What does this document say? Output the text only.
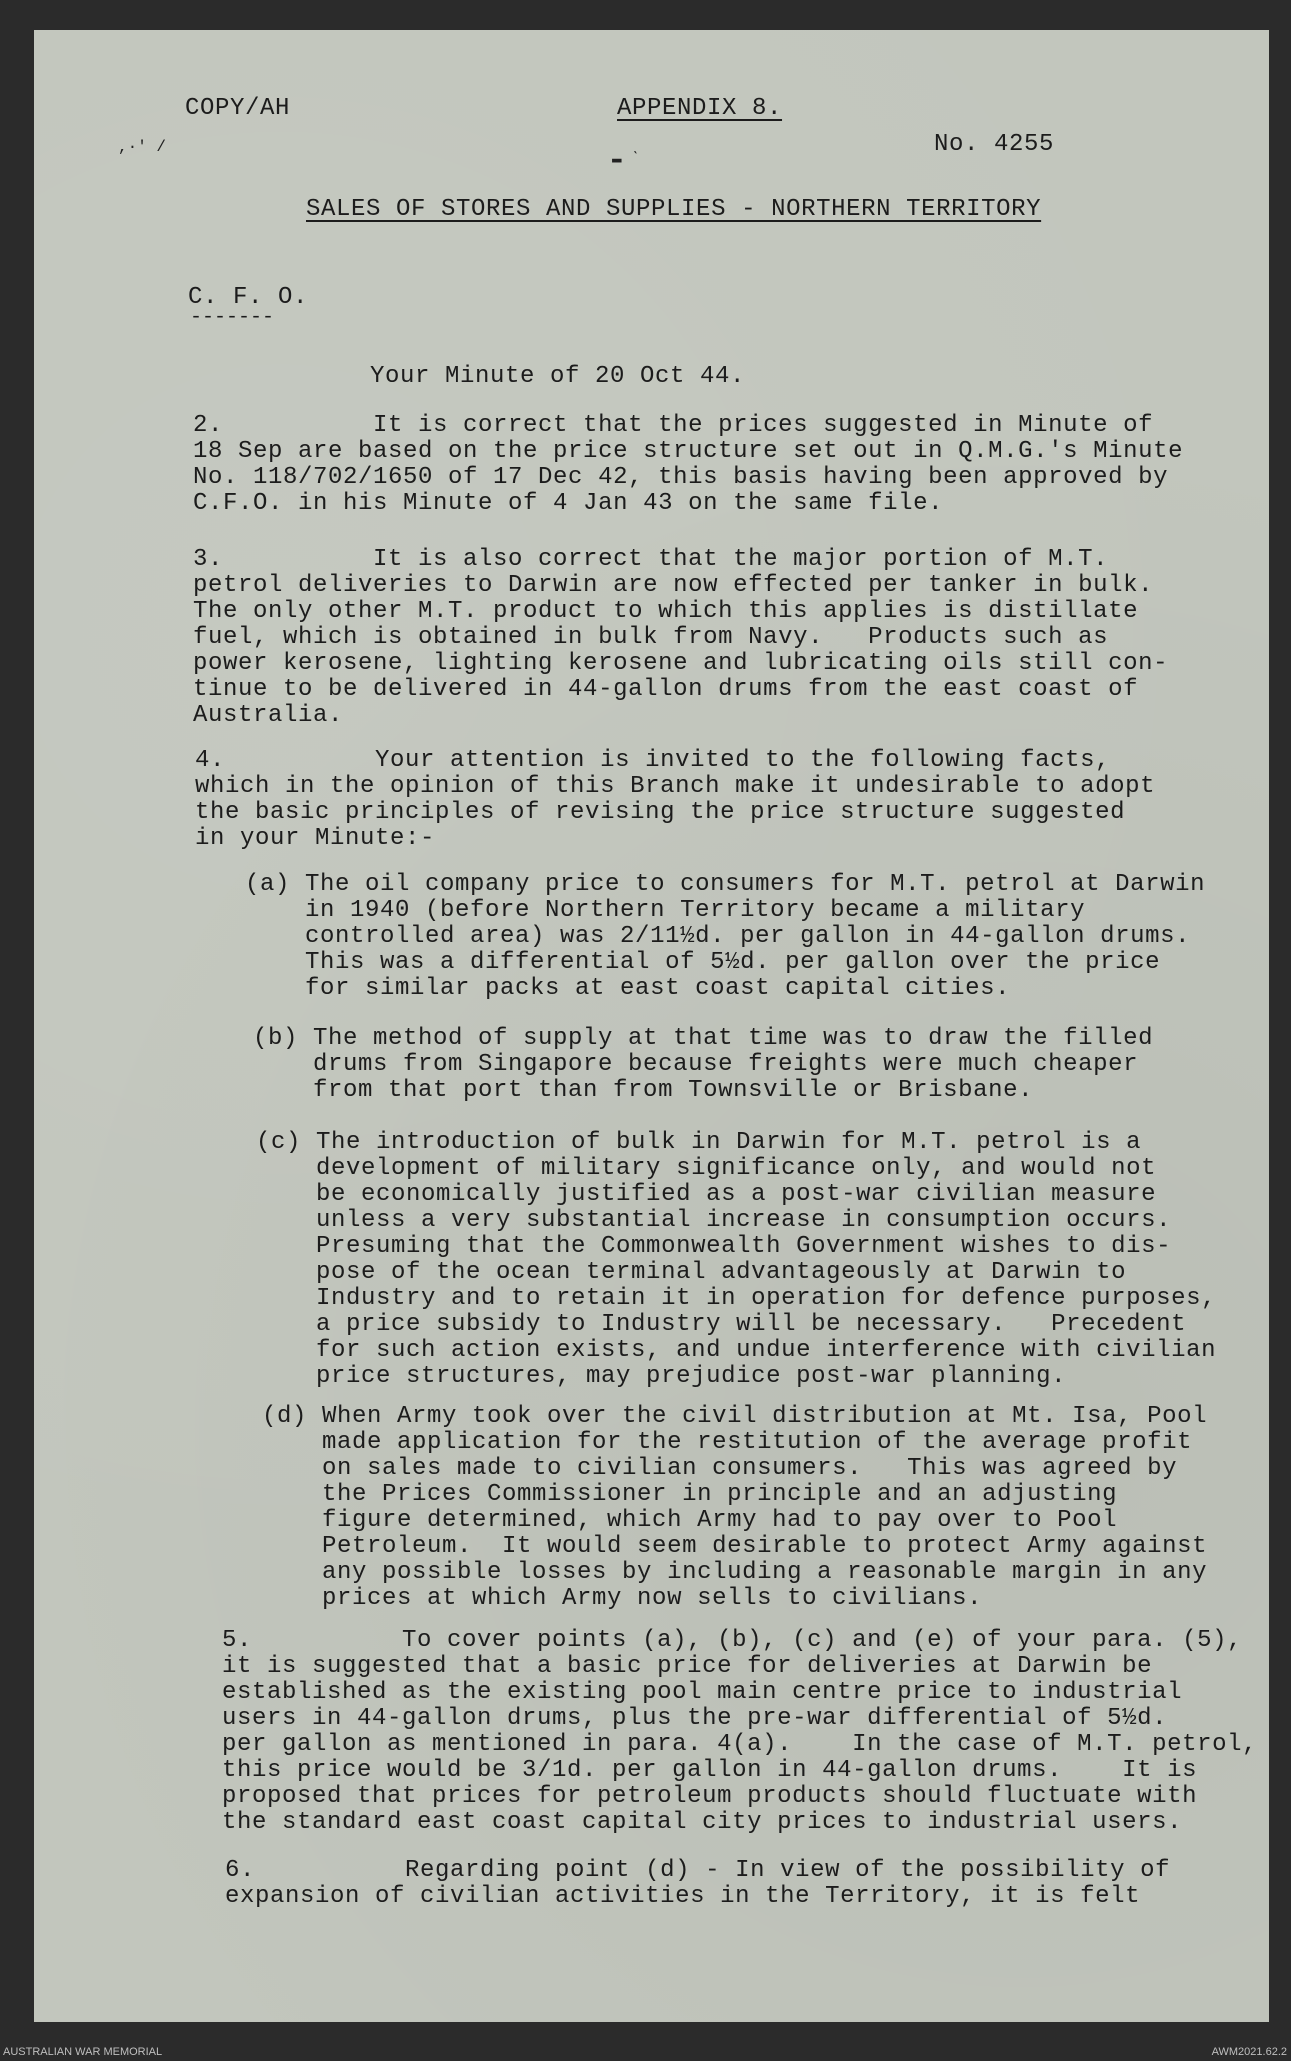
COPY/AH	APPENDIX 8.
No. 4255
,·' /
▬ ˋ
SALES OF STORES AND SUPPLIES - NORTHERN TERRITORY
C. F. O.
-------
Your Minute of 20 Oct 44.
2.          It is correct that the prices suggested in Minute of
18 Sep are based on the price structure set out in Q.M.G.'s Minute
No. 118/702/1650 of 17 Dec 42, this basis having been approved by
C.F.O. in his Minute of 4 Jan 43 on the same file.
3.          It is also correct that the major portion of M.T.
petrol deliveries to Darwin are now effected per tanker in bulk.
The only other M.T. product to which this applies is distillate
fuel, which is obtained in bulk from Navy.   Products such as
power kerosene, lighting kerosene and lubricating oils still con-
tinue to be delivered in 44-gallon drums from the east coast of
Australia.
4.          Your attention is invited to the following facts,
which in the opinion of this Branch make it undesirable to adopt
the basic principles of revising the price structure suggested
in your Minute:-
(a) The oil company price to consumers for M.T. petrol at Darwin
in 1940 (before Northern Territory became a military
controlled area) was 2/11½d. per gallon in 44-gallon drums.
This was a differential of 5½d. per gallon over the price
for similar packs at east coast capital cities.
(b) The method of supply at that time was to draw the filled
drums from Singapore because freights were much cheaper
from that port than from Townsville or Brisbane.
(c) The introduction of bulk in Darwin for M.T. petrol is a
development of military significance only, and would not
be economically justified as a post-war civilian measure
unless a very substantial increase in consumption occurs.
Presuming that the Commonwealth Government wishes to dis-
pose of the ocean terminal advantageously at Darwin to
Industry and to retain it in operation for defence purposes,
a price subsidy to Industry will be necessary.   Precedent
for such action exists, and undue interference with civilian
price structures, may prejudice post-war planning.
(d) When Army took over the civil distribution at Mt. Isa, Pool
made application for the restitution of the average profit
on sales made to civilian consumers.   This was agreed by
the Prices Commissioner in principle and an adjusting
figure determined, which Army had to pay over to Pool
Petroleum.  It would seem desirable to protect Army against
any possible losses by including a reasonable margin in any
prices at which Army now sells to civilians.
5.          To cover points (a), (b), (c) and (e) of your para. (5),
it is suggested that a basic price for deliveries at Darwin be
established as the existing pool main centre price to industrial
users in 44-gallon drums, plus the pre-war differential of 5½d.
per gallon as mentioned in para. 4(a).    In the case of M.T. petrol,
this price would be 3/1d. per gallon in 44-gallon drums.    It is
proposed that prices for petroleum products should fluctuate with
the standard east coast capital city prices to industrial users.
6.          Regarding point (d) - In view of the possibility of
expansion of civilian activities in the Territory, it is felt
AUSTRALIAN WAR MEMORIAL	AWM2021.62.2
